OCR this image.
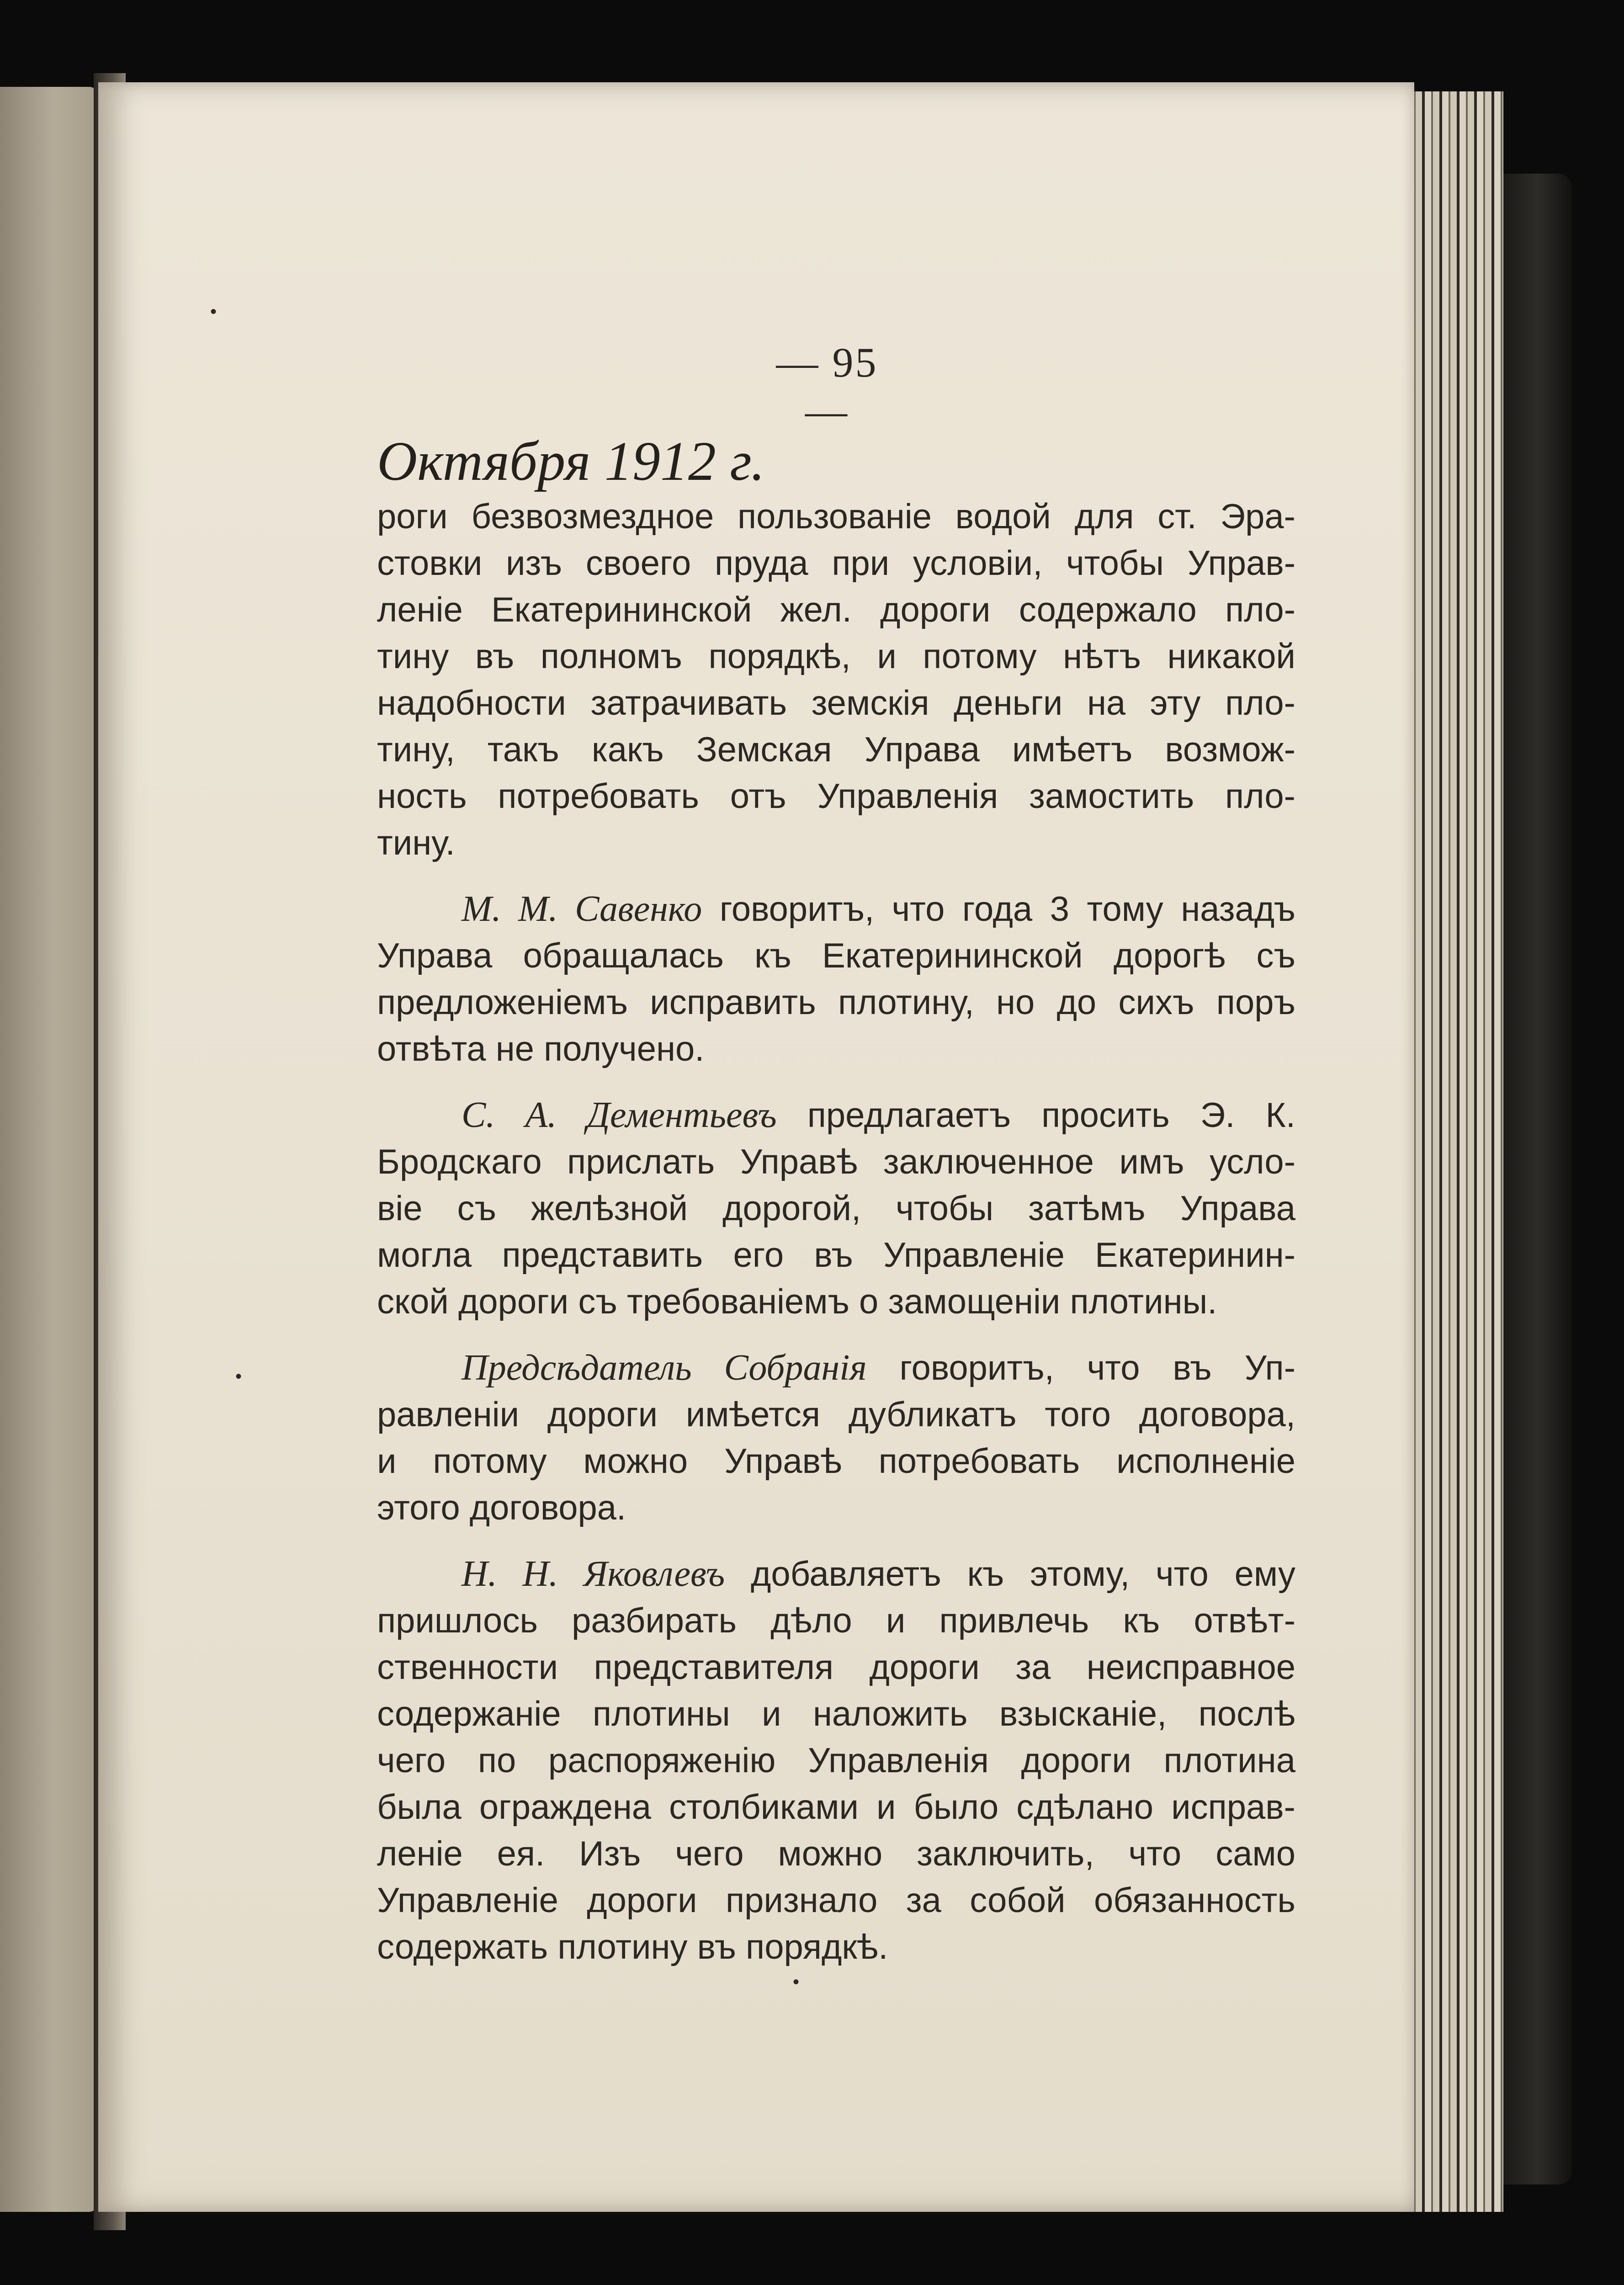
— 95 —
Октября 1912 г.

роги безвозмездное пользованіе водой для ст. Эра-
стовки изъ своего пруда при условіи, чтобы Управ-
леніе Екатерининской жел. дороги содержало пло-
тину въ полномъ порядкѣ, и потому нѣтъ никакой
надобности затрачивать земскія деньги на эту пло-
тину, такъ какъ Земская Управа имѣетъ возмож-
ность потребовать отъ Управленія замостить пло-
тину.

М. М. Савенко говоритъ, что года 3 тому назадъ
Управа обращалась къ Екатерининской дорогѣ съ
предложеніемъ исправить плотину, но до сихъ поръ
отвѣта не получено.

С. А. Дементьевъ предлагаетъ просить Э. К.
Бродскаго прислать Управѣ заключенное имъ усло-
віе съ желѣзной дорогой, чтобы затѣмъ Управа
могла представить его въ Управленіе Екатеринин-
ской дороги съ требованіемъ о замощеніи плотины.

Предсѣдатель Собранія говоритъ, что въ Уп-
равленіи дороги имѣется дубликатъ того договора,
и потому можно Управѣ потребовать исполненіе
этого договора.

Н. Н. Яковлевъ добавляетъ къ этому, что ему
пришлось разбирать дѣло и привлечь къ отвѣт-
ственности представителя дороги за неисправное
содержаніе плотины и наложить взысканіе, послѣ
чего по распоряженію Управленія дороги плотина
была ограждена столбиками и было сдѣлано исправ-
леніе ея. Изъ чего можно заключить, что само
Управленіе дороги признало за собой обязанность
содержать плотину въ порядкѣ.

•
•
•
